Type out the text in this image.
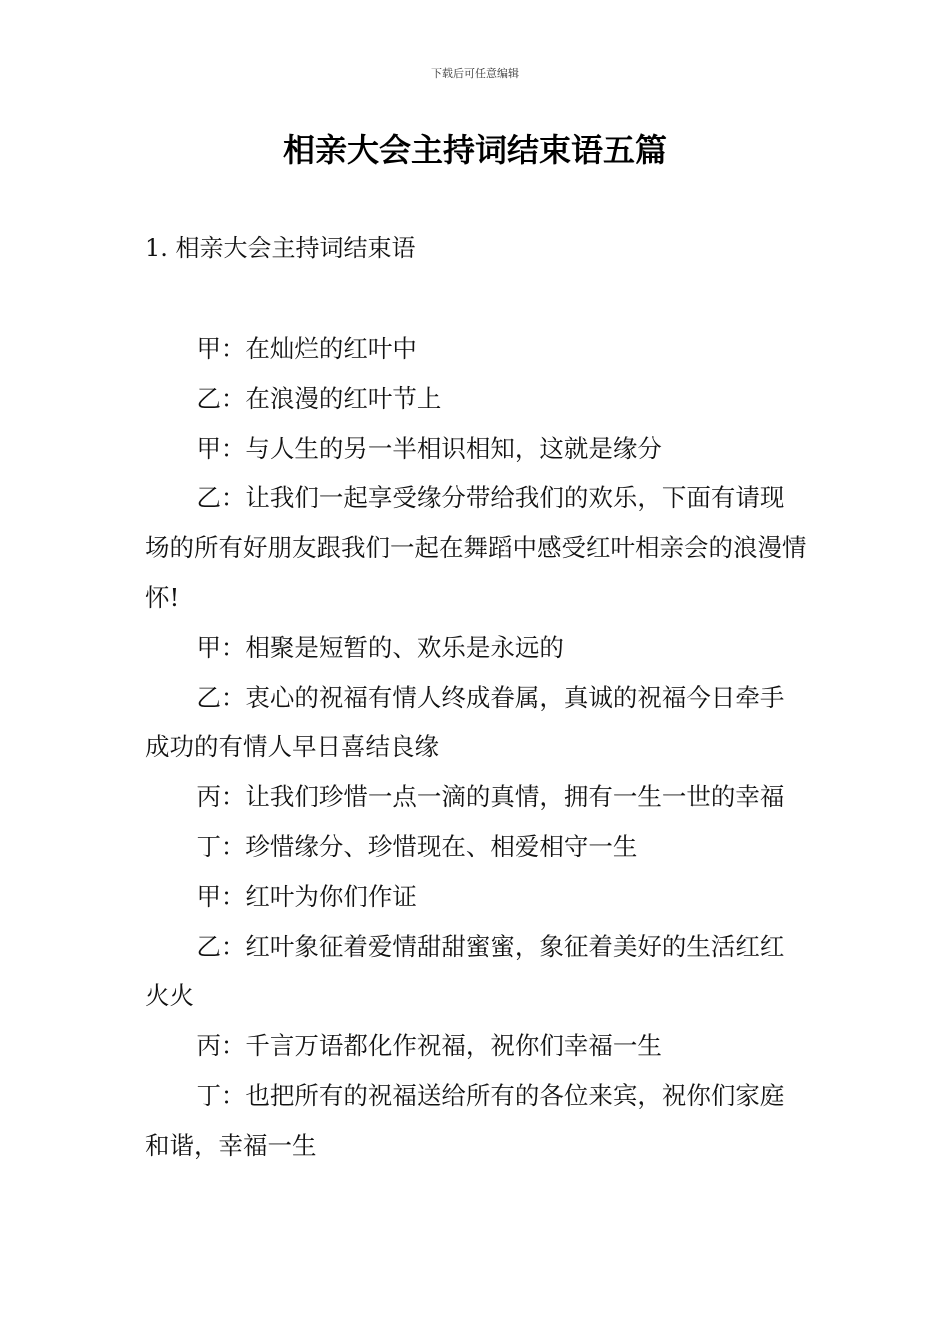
下载后可任意编辑
相亲大会主持词结束语五篇
1. 相亲大会主持词结束语

甲：在灿烂的红叶中

乙：在浪漫的红叶节上

甲：与人生的另一半相识相知，这就是缘分

乙：让我们一起享受缘分带给我们的欢乐，下面有请现场的所有好朋友跟我们一起在舞蹈中感受红叶相亲会的浪漫情怀!

甲：相聚是短暂的、欢乐是永远的

乙：衷心的祝福有情人终成眷属，真诚的祝福今日牵手成功的有情人早日喜结良缘

丙：让我们珍惜一点一滴的真情，拥有一生一世的幸福

丁：珍惜缘分、珍惜现在、相爱相守一生

甲：红叶为你们作证

乙：红叶象征着爱情甜甜蜜蜜，象征着美好的生活红红火火

丙：千言万语都化作祝福，祝你们幸福一生

丁：也把所有的祝福送给所有的各位来宾，祝你们家庭和谐，幸福一生
